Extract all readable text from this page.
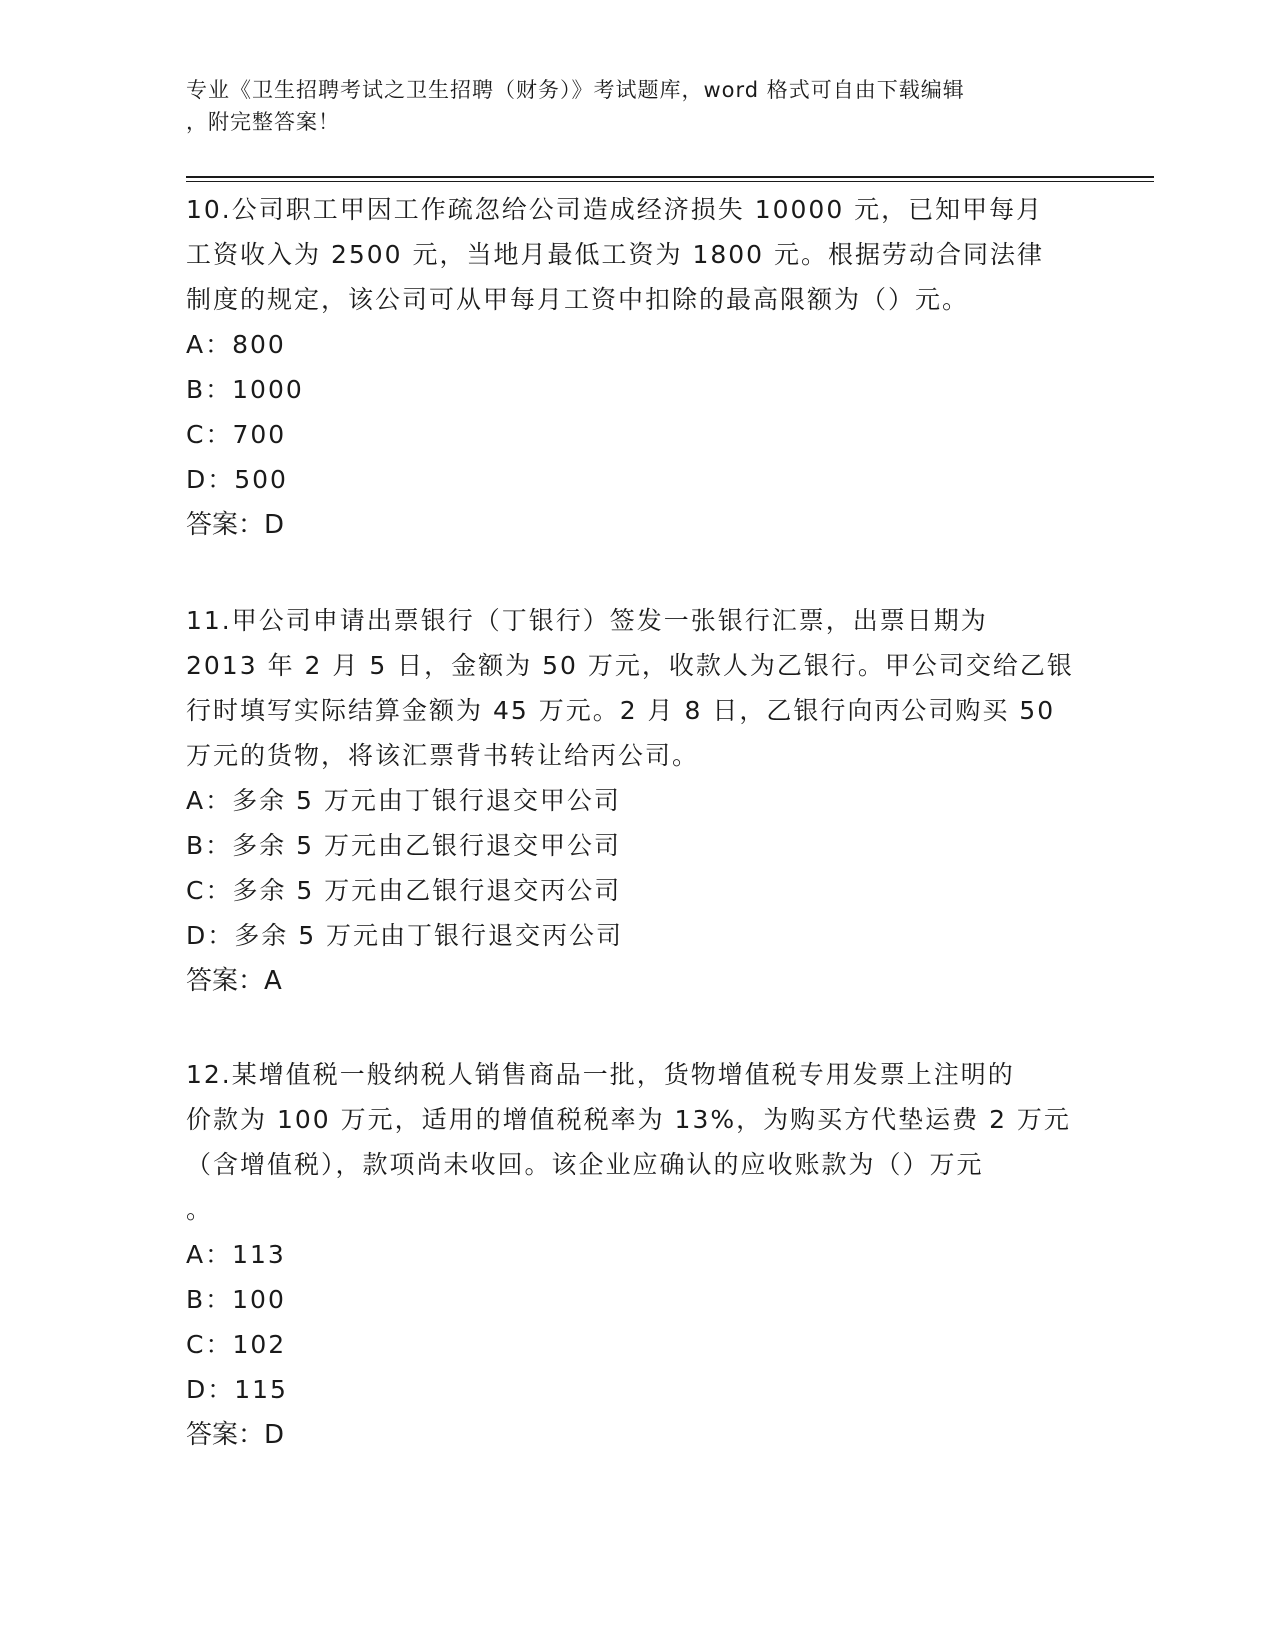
专业《卫生招聘考试之卫生招聘（财务）》考试题库，word 格式可自由下载编辑
，附完整答案！
10.公司职工甲因工作疏忽给公司造成经济损失 10000 元，已知甲每月
工资收入为 2500 元，当地月最低工资为 1800 元。根据劳动合同法律
制度的规定，该公司可从甲每月工资中扣除的最高限额为（）元。
A：800
B：1000
C：700
D：500
答案：D
11.甲公司申请出票银行（丁银行）签发一张银行汇票，出票日期为
2013 年 2 月 5 日，金额为 50 万元，收款人为乙银行。甲公司交给乙银
行时填写实际结算金额为 45 万元。2 月 8 日，乙银行向丙公司购买 50
万元的货物，将该汇票背书转让给丙公司。
A：多余 5 万元由丁银行退交甲公司
B：多余 5 万元由乙银行退交甲公司
C：多余 5 万元由乙银行退交丙公司
D：多余 5 万元由丁银行退交丙公司
答案：A
12.某增值税一般纳税人销售商品一批，货物增值税专用发票上注明的
价款为 100 万元，适用的增值税税率为 13%，为购买方代垫运费 2 万元
（含增值税），款项尚未收回。该企业应确认的应收账款为（）万元
。
A：113
B：100
C：102
D：115
答案：D
